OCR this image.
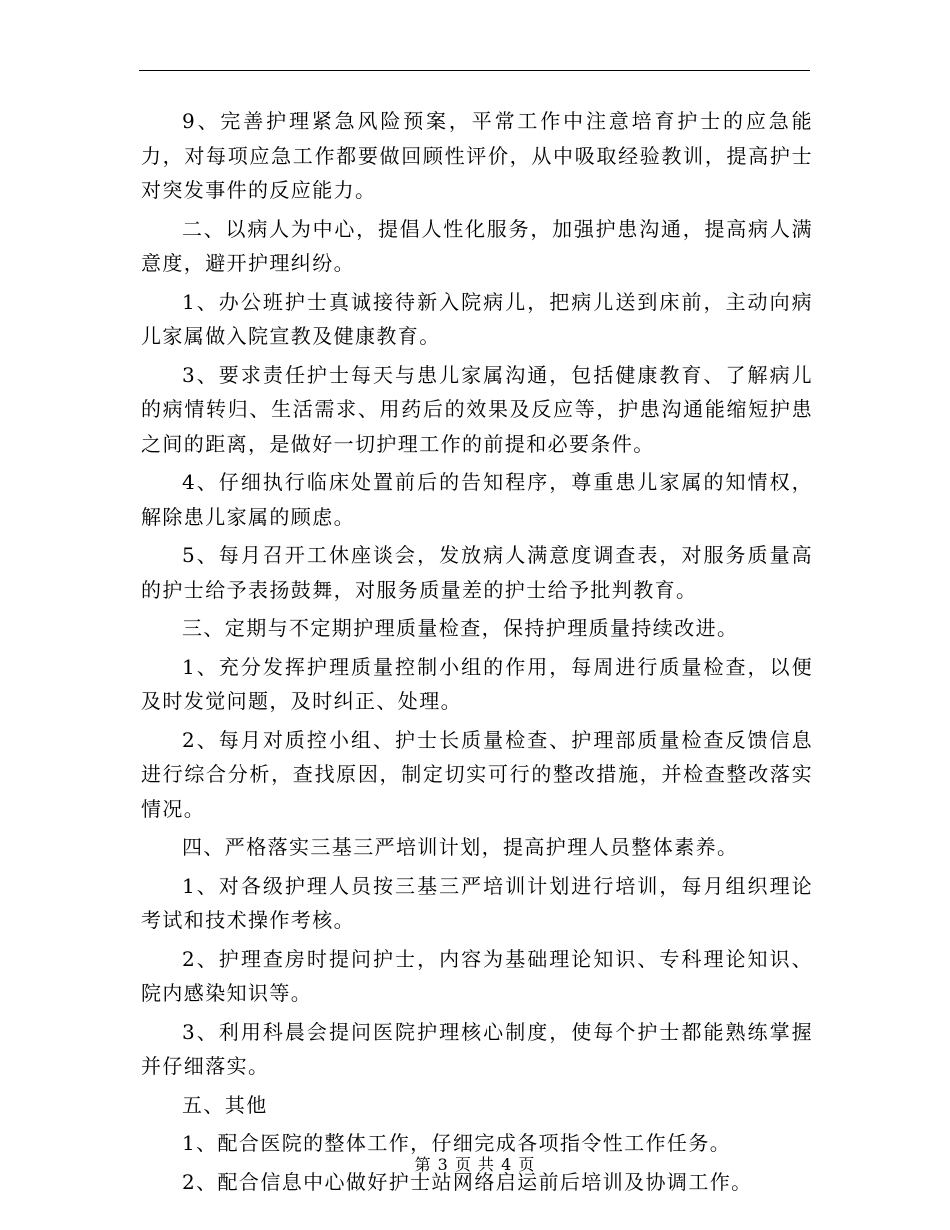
9、完善护理紧急风险预案，平常工作中注意培育护士的应急能力，对每项应急工作都要做回顾性评价，从中吸取经验教训，提高护士对突发事件的反应能力。

二、以病人为中心，提倡人性化服务，加强护患沟通，提高病人满意度，避开护理纠纷。

1、办公班护士真诚接待新入院病儿，把病儿送到床前，主动向病儿家属做入院宣教及健康教育。

3、要求责任护士每天与患儿家属沟通，包括健康教育、了解病儿的病情转归、生活需求、用药后的效果及反应等，护患沟通能缩短护患之间的距离，是做好一切护理工作的前提和必要条件。

4、仔细执行临床处置前后的告知程序，尊重患儿家属的知情权，解除患儿家属的顾虑。

5、每月召开工休座谈会，发放病人满意度调查表，对服务质量高的护士给予表扬鼓舞，对服务质量差的护士给予批判教育。

三、定期与不定期护理质量检查，保持护理质量持续改进。

1、充分发挥护理质量控制小组的作用，每周进行质量检查，以便及时发觉问题，及时纠正、处理。

2、每月对质控小组、护士长质量检查、护理部质量检查反馈信息进行综合分析，查找原因，制定切实可行的整改措施，并检查整改落实情况。

四、严格落实三基三严培训计划，提高护理人员整体素养。

1、对各级护理人员按三基三严培训计划进行培训，每月组织理论考试和技术操作考核。

2、护理查房时提问护士，内容为基础理论知识、专科理论知识、院内感染知识等。

3、利用科晨会提问医院护理核心制度，使每个护士都能熟练掌握并仔细落实。

五、其他

1、配合医院的整体工作，仔细完成各项指令性工作任务。

2、配合信息中心做好护士站网络启运前后培训及协调工作。

第 3 页 共 4 页
